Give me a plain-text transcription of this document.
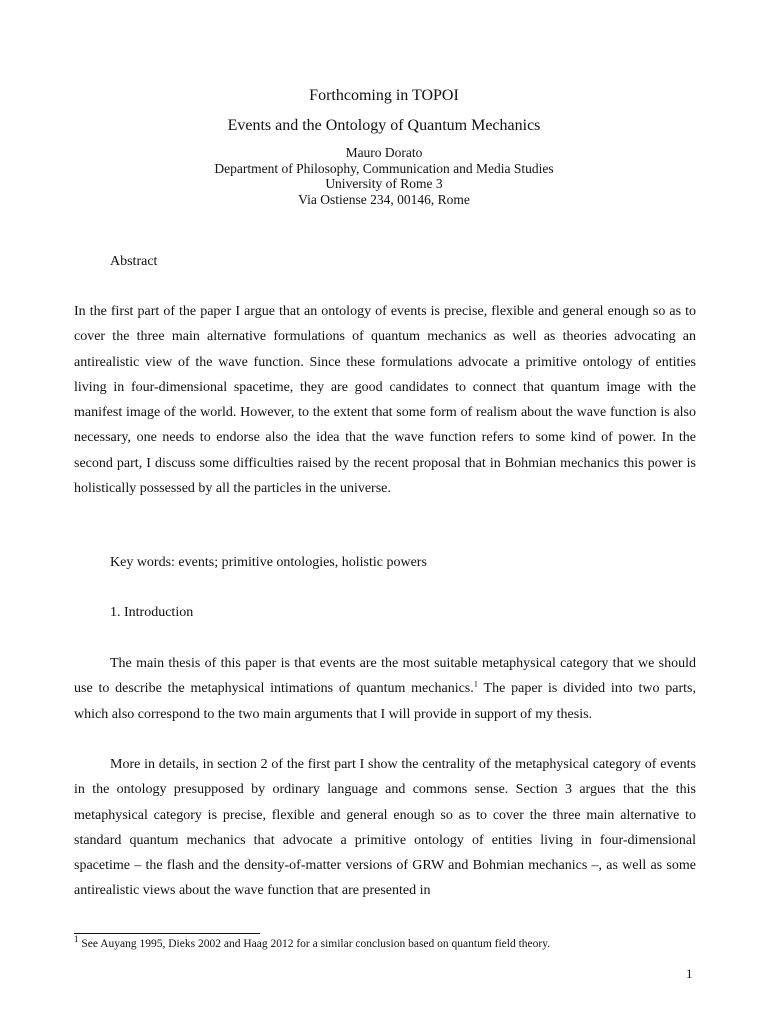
Forthcoming in TOPOI
Events and the Ontology of Quantum Mechanics
Mauro Dorato
Department of Philosophy, Communication and Media Studies
University of Rome 3
Via Ostiense 234, 00146, Rome
Abstract
In the first part of the paper I argue that an ontology of events is precise, flexible and general enough so as to cover the three main alternative formulations of quantum mechanics as well as theories advocating an antirealistic view of the wave function. Since these formulations advocate a primitive ontology of entities living in four-dimensional spacetime, they are good candidates to connect that quantum image with the manifest image of the world. However, to the extent that some form of realism about the wave function is also necessary, one needs to endorse also the idea that the wave function refers to some kind of power. In the second part, I discuss some difficulties raised by the recent proposal that in Bohmian mechanics this power is holistically possessed by all the particles in the universe.
Key words: events; primitive ontologies, holistic powers
1. Introduction
The main thesis of this paper is that events are the most suitable metaphysical category that we should use to describe the metaphysical intimations of quantum mechanics.$^1$ The paper is divided into two parts, which also correspond to the two main arguments that I will provide in support of my thesis.
More in details, in section 2 of the first part I show the centrality of the metaphysical category of events in the ontology presupposed by ordinary language and commons sense. Section 3 argues that the this metaphysical category is precise, flexible and general enough so as to cover the three main alternative to standard quantum mechanics that advocate a primitive ontology of entities living in four-dimensional spacetime – the flash and the density-of-matter versions of GRW and Bohmian mechanics –, as well as some antirealistic views about the wave function that are presented in
$^1$ See Auyang 1995, Dieks 2002 and Haag 2012 for a similar conclusion based on quantum field theory.
1
